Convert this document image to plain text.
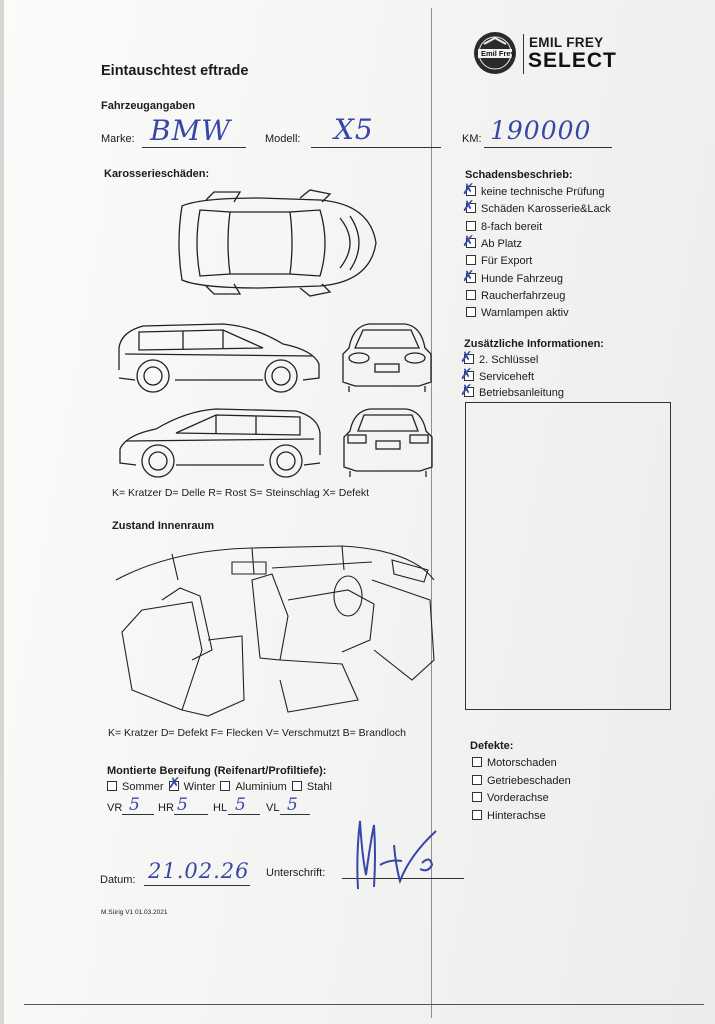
Emil Frey
EMIL FREY
SELECT
Eintauschtest eftrade
Fahrzeugangaben
Marke: BMW	Modell: X5	KM: 190000
Karosserieschäden:
K= Kratzer D= Delle R= Rost S= Steinschlag X= Defekt
Zustand Innenraum
K= Kratzer D= Defekt F= Flecken V= Verschmutzt B= Brandloch
Montierte Bereifung (Reifenart/Profiltiefe):
Sommer Winter Aluminium Stahl
✗
VR 5 HR 5 HL 5 VL 5
Datum: 21.02.26 Unterschrift:
M.Sürig V1 01.03.2021
Schadensbeschrieb:
keine technische Prüfung
✗
Schäden Karosserie&Lack
✗
8-fach bereit
Ab Platz
✗
Für Export
Hunde Fahrzeug
✗
Raucherfahrzeug
Warnlampen aktiv
Zusätzliche Informationen:
2. Schlüssel
✗
Serviceheft
✗
Betriebsanleitung
✗
Defekte:
Motorschaden
Getriebeschaden
Vorderachse
Hinterachse
